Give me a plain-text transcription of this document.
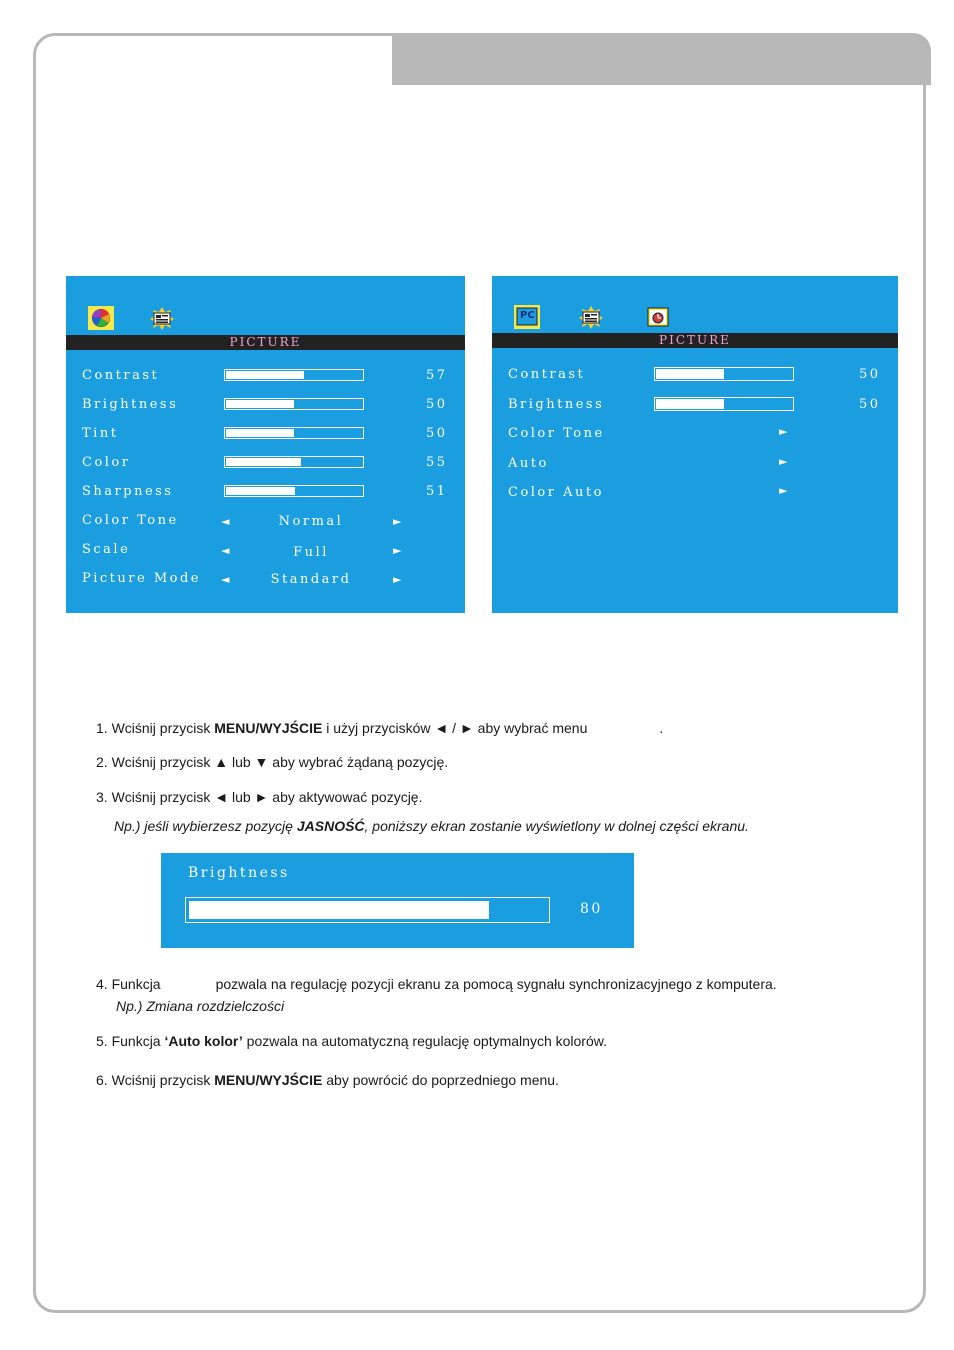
PICTURE
Contrast	57
Brightness	50
Tint	50
Color	55
Sharpness	51
Color Tone	◄	Normal	►
Scale	◄	Full	►
Picture Mode ◄	Standard	►
PC
PICTURE
Contrast	50
Brightness	50
Color Tone	►
Auto	►
Color Auto	►
1. Wciśnij przycisk MENU/WYJŚCIE i użyj przycisków ◄ / ► aby wybrać menu	.
2. Wciśnij przycisk ▲ lub ▼ aby wybrać żądaną pozycję.
3. Wciśnij przycisk ◄ lub ► aby aktywować pozycję.
Np.) jeśli wybierzesz pozycję JASNOŚĆ, poniższy ekran zostanie wyświetlony w dolnej części ekranu.
Brightness
80
4. Funkcja	pozwala na regulację pozycji ekranu za pomocą sygnału synchronizacyjnego z komputera.
Np.) Zmiana rozdzielczości
5. Funkcja ‘Auto kolor’ pozwala na automatyczną regulację optymalnych kolorów.
6. Wciśnij przycisk MENU/WYJŚCIE aby powrócić do poprzedniego menu.
